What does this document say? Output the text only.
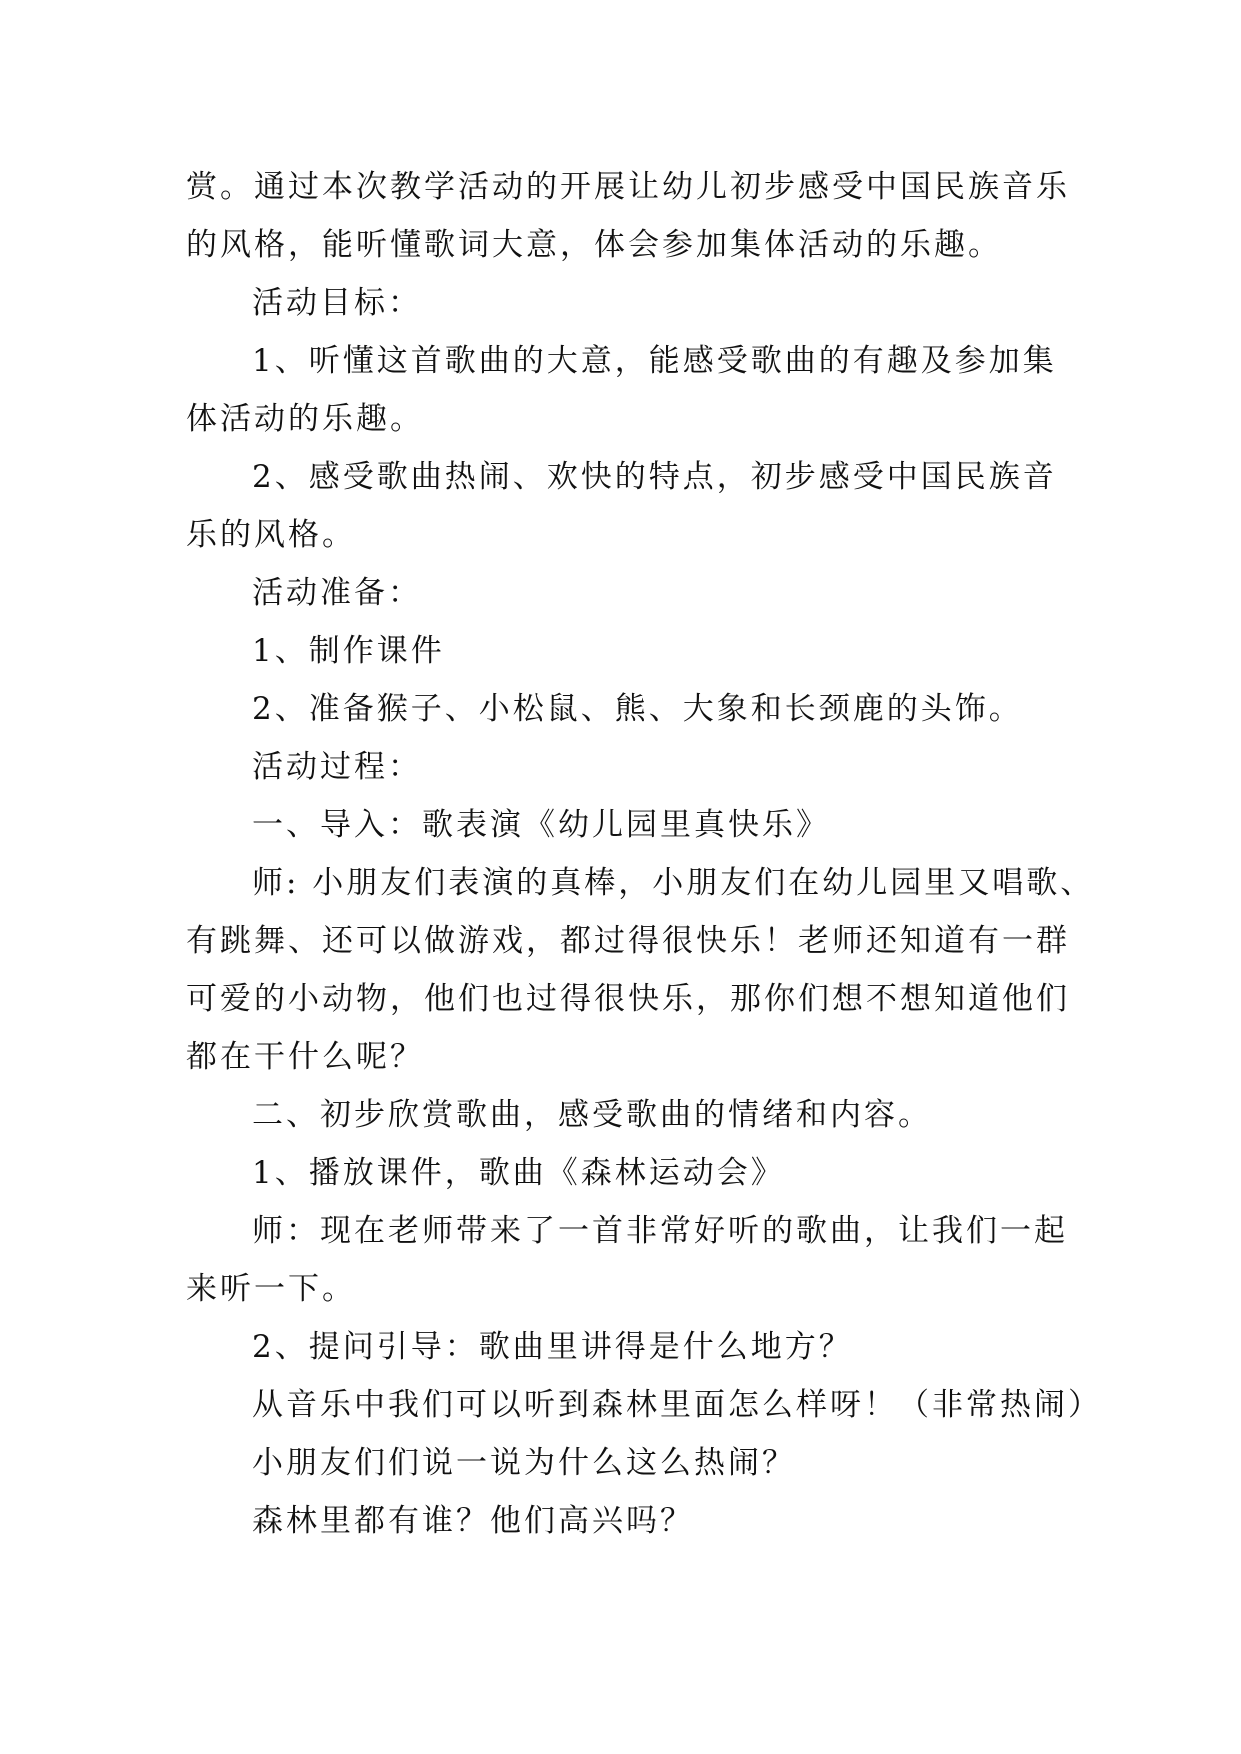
赏。通过本次教学活动的开展让幼儿初步感受中国民族音乐
的风格，能听懂歌词大意，体会参加集体活动的乐趣。
活动目标：
1、听懂这首歌曲的大意，能感受歌曲的有趣及参加集
体活动的乐趣。
2、感受歌曲热闹、欢快的特点，初步感受中国民族音
乐的风格。
活动准备：
1、制作课件
2、准备猴子、小松鼠、熊、大象和长颈鹿的头饰。
活动过程：
一、导入：歌表演《幼儿园里真快乐》
师: 小朋友们表演的真棒，小朋友们在幼儿园里又唱歌、
有跳舞、还可以做游戏，都过得很快乐！老师还知道有一群
可爱的小动物，他们也过得很快乐，那你们想不想知道他们
都在干什么呢？
二、初步欣赏歌曲，感受歌曲的情绪和内容。
1、播放课件，歌曲《森林运动会》
师：现在老师带来了一首非常好听的歌曲，让我们一起
来听一下。
2、提问引导：歌曲里讲得是什么地方？
从音乐中我们可以听到森林里面怎么样呀！（非常热闹）
小朋友们们说一说为什么这么热闹？
森林里都有谁？他们高兴吗？
